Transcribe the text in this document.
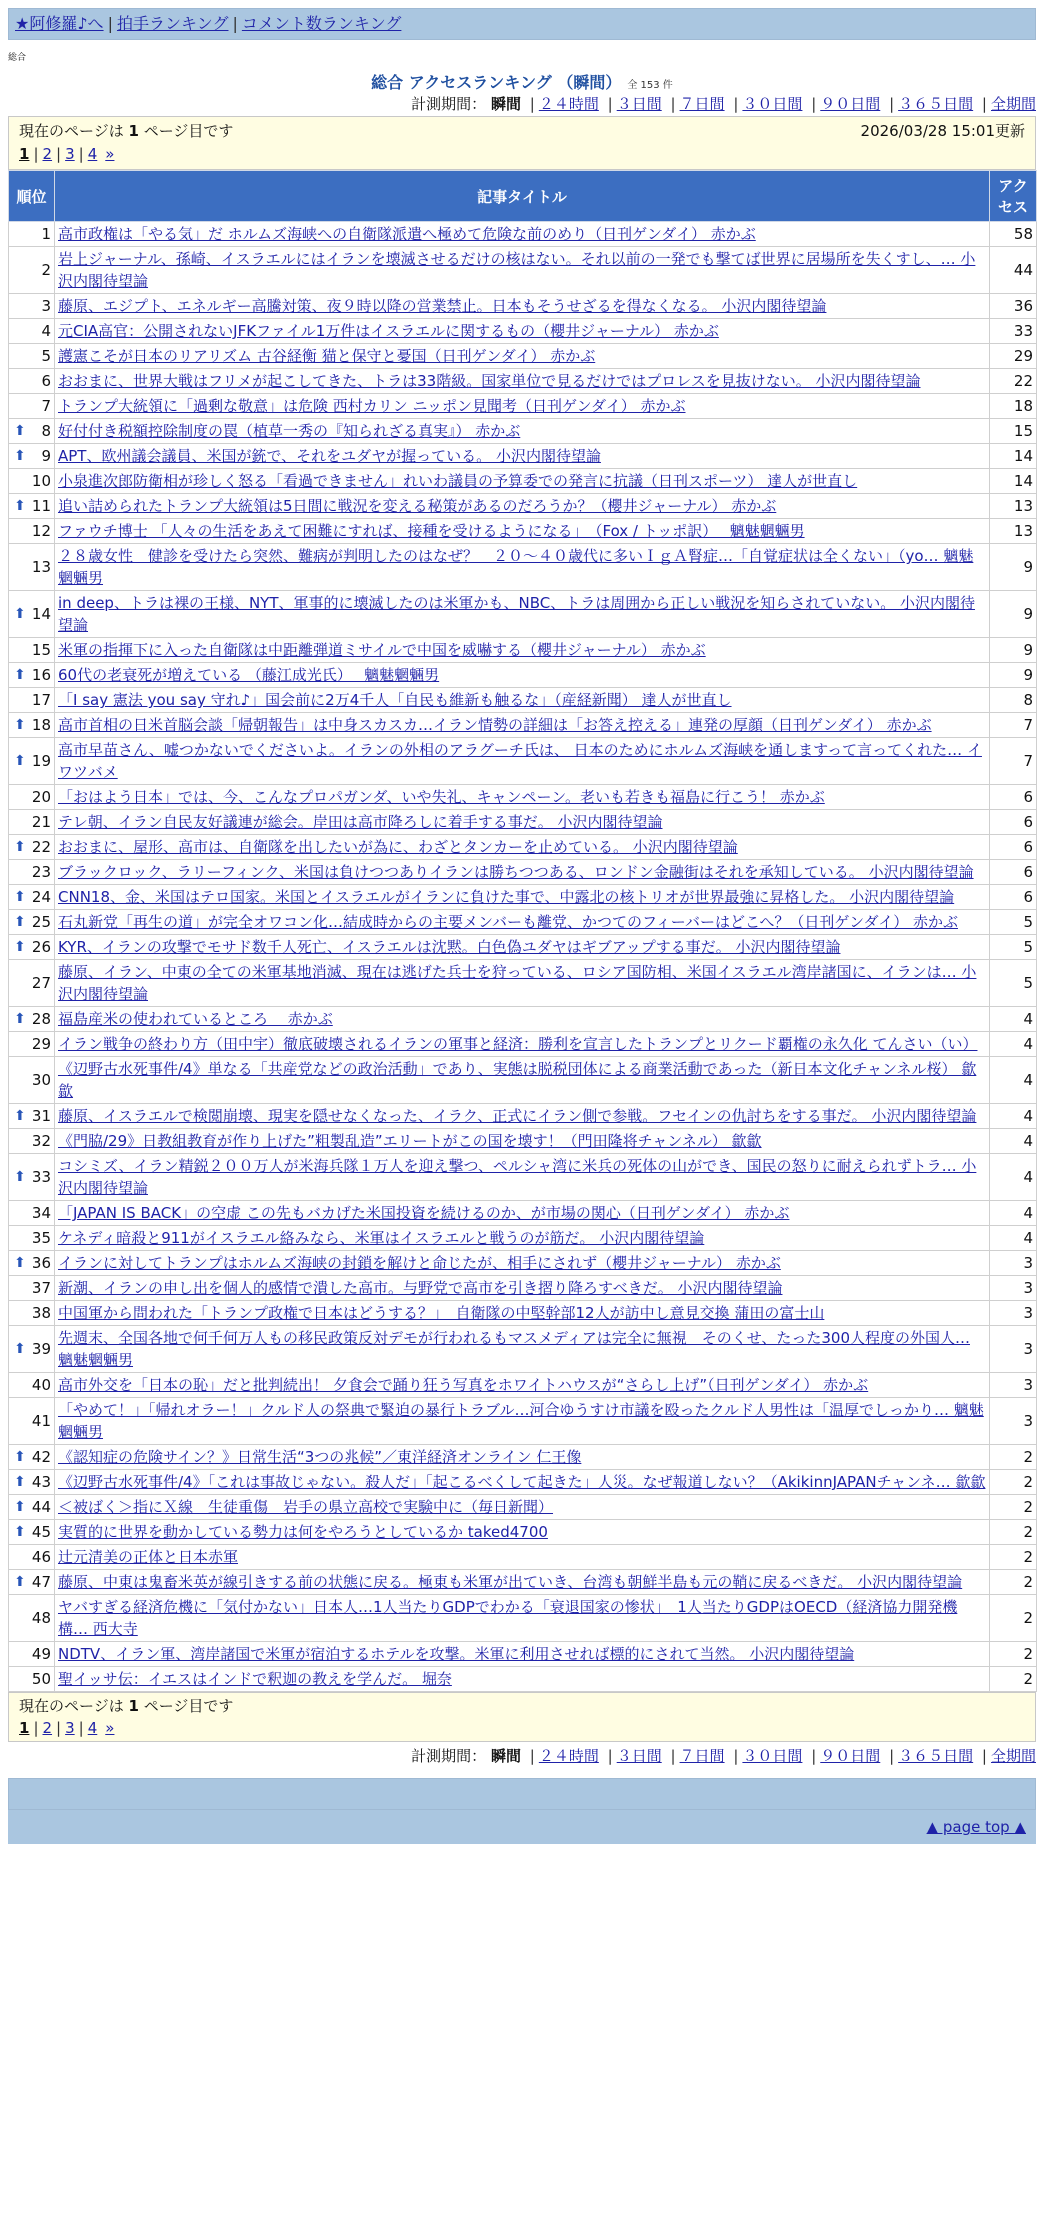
★阿修羅♪へ | 拍手ランキング | コメント数ランキング
総合
総合 アクセスランキング （瞬間） 全 153 件
計測期間： 瞬間 | ２４時間 | ３日間 | ７日間 | ３０日間 | ９０日間 | ３６５日間 | 全期間
現在のページは 1 ページ目です	2026/03/28 15:01更新
1 | 2 | 3 | 4 »
順位	記事タイトル	アクセス
1	高市政権は「やる気」だ ホルムズ海峡への自衛隊派遣へ極めて危険な前のめり（日刊ゲンダイ） 赤かぶ	58
2	岩上ジャーナル、孫崎、イスラエルにはイランを壊滅させるだけの核はない。それ以前の一発でも撃てば世界に居場所を失くすし、… 小沢内閣待望論	44
3	藤原、エジプト、エネルギー高騰対策、夜９時以降の営業禁止。日本もそうせざるを得なくなる。 小沢内閣待望論	36
4	元CIA高官：公開されないJFKファイル1万件はイスラエルに関するもの（櫻井ジャーナル） 赤かぶ	33
5	護憲こそが日本のリアリズム 古谷経衡 猫と保守と憂国（日刊ゲンダイ） 赤かぶ	29
6	おおまに、世界大戦はフリメが起こしてきた、トラは33階級。国家単位で見るだけではプロレスを見抜けない。 小沢内閣待望論	22
7	トランプ大統領に「過剰な敬意」は危険 西村カリン ニッポン見聞考（日刊ゲンダイ） 赤かぶ	18

⬆ 8	好付付き税額控除制度の罠（植草一秀の『知られざる真実』） 赤かぶ	15

⬆ 9	APT、欧州議会議員、米国が銃で、それをユダヤが握っている。 小沢内閣待望論	14
10	小泉進次郎防衛相が珍しく怒る「看過できません」れいわ議員の予算委での発言に抗議（日刊スポーツ） 達人が世直し	14

⬆ 11	追い詰められたトランプ大統領は5日間に戦況を変える秘策があるのだろうか？（櫻井ジャーナル） 赤かぶ	13
12	ファウチ博士 「人々の生活をあえて困難にすれば、接種を受けるようになる」　（Fox / トッポ訳）　 魑魅魍魎男	13
13	２８歳女性　健診を受けたら突然、難病が判明したのはなぜ？　２０～４０歳代に多いＩｇＡ腎症…「自覚症状は全くない」（yo… 魑魅魍魎男	9

⬆ 14	in deep、トラは裸の王様、NYT、軍事的に壊滅したのは米軍かも、NBC、トラは周囲から正しい戦況を知らされていない。 小沢内閣待望論	9
15	米軍の指揮下に入った自衛隊は中距離弾道ミサイルで中国を威嚇する（櫻井ジャーナル） 赤かぶ	9

⬆ 16	60代の老衰死が増えている （藤江成光氏）　 魑魅魍魎男	9
17	「I say 憲法 you say 守れ♪」国会前に2万4千人「自民も維新も触るな」（産経新聞） 達人が世直し	8

⬆ 18	高市首相の日米首脳会談「帰朝報告」は中身スカスカ…イラン情勢の詳細は「お答え控える」連発の厚顔（日刊ゲンダイ） 赤かぶ	7

⬆ 19	高市早苗さん、嘘つかないでくださいよ。イランの外相のアラグーチ氏は、 日本のためにホルムズ海峡を通しますって言ってくれた… イワツバメ	7
20	「おはよう日本」では、今、こんなプロパガンダ、いや失礼、キャンペーン。老いも若きも福島に行こう！ 赤かぶ	6
21	テレ朝、イラン自民友好議連が総会。岸田は高市降ろしに着手する事だ。 小沢内閣待望論	6

⬆ 22	おおまに、屋形、高市は、自衛隊を出したいが為に、わざとタンカーを止めている。 小沢内閣待望論	6
23	ブラックロック、ラリーフィンク、米国は負けつつありイランは勝ちつつある、ロンドン金融街はそれを承知している。 小沢内閣待望論	6

⬆ 24	CNN18、金、米国はテロ国家。米国とイスラエルがイランに負けた事で、中露北の核トリオが世界最強に昇格した。 小沢内閣待望論	6

⬆ 25	石丸新党「再生の道」が完全オワコン化…結成時からの主要メンバーも離党、かつてのフィーバーはどこへ？（日刊ゲンダイ） 赤かぶ	5

⬆ 26	KYR、イランの攻撃でモサド数千人死亡、イスラエルは沈黙。白色偽ユダヤはギブアップする事だ。 小沢内閣待望論	5
27	藤原、イラン、中東の全ての米軍基地消滅、現在は逃げた兵士を狩っている、ロシア国防相、米国イスラエル湾岸諸国に、イランは… 小沢内閣待望論	5

⬆ 28	福島産米の使われているところ　 赤かぶ	4
29	イラン戦争の終わり方（田中宇）徹底破壊されるイランの軍事と経済：勝利を宣言したトランプとリクード覇権の永久化 てんさい（い）	4
30	《辺野古水死事件/4》単なる「共産党などの政治活動」であり、実態は脱税団体による商業活動であった（新日本文化チャンネル桜） 歙歙	4

⬆ 31	藤原、イスラエルで検閲崩壊、現実を隠せなくなった、イラク、正式にイラン側で参戦。フセインの仇討ちをする事だ。 小沢内閣待望論	4
32	《門脇/29》日教組教育が作り上げた”粗製乱造”エリートがこの国を壊す！（門田隆将チャンネル） 歙歙	4

⬆ 33	コシミズ、イラン精鋭２００万人が米海兵隊１万人を迎え撃つ、ペルシャ湾に米兵の死体の山ができ、国民の怒りに耐えられずトラ… 小沢内閣待望論	4
34	「JAPAN IS BACK」の空虚 この先もバカげた米国投資を続けるのか、が市場の関心（日刊ゲンダイ） 赤かぶ	4
35	ケネディ暗殺と911がイスラエル絡みなら、米軍はイスラエルと戦うのが筋だ。 小沢内閣待望論	4

⬆ 36	イランに対してトランプはホルムズ海峡の封鎖を解けと命じたが、相手にされず（櫻井ジャーナル） 赤かぶ	3
37	新潮、イランの申し出を個人的感情で潰した高市。与野党で高市を引き摺り降ろすべきだ。 小沢内閣待望論	3
38	中国軍から問われた「トランプ政権で日本はどうする？」　自衛隊の中堅幹部12人が訪中し意見交換 蒲田の富士山	3

⬆ 39	先週末、全国各地で何千何万人もの移民政策反対デモが行われるもマスメディアは完全に無視　そのくせ、たった300人程度の外国人… 魑魅魍魎男	3
40	高市外交を「日本の恥」だと批判続出！ 夕食会で踊り狂う写真をホワイトハウスが“さらし上げ”（日刊ゲンダイ） 赤かぶ	3
41	「やめて！」「帰れオラー！」クルド人の祭典で緊迫の暴行トラブル…河合ゆうすけ市議を殴ったクルド人男性は「温厚でしっかり… 魑魅魍魎男	3

⬆ 42	《認知症の危険サイン？》日常生活“3つの兆候”／東洋経済オンライン 仁王像	2

⬆ 43	《辺野古水死事件/4》「これは事故じゃない。殺人だ」「起こるべくして起きた」人災。なぜ報道しない？（AkikinnJAPANチャンネ… 歙歙	2

⬆ 44	＜被ばく＞指にＸ線　生徒重傷　岩手の県立高校で実験中に（毎日新聞）	2

⬆ 45	実質的に世界を動かしている勢力は何をやろうとしているか taked4700	2
46	辻元清美の正体と日本赤軍	2

⬆ 47	藤原、中東は鬼畜米英が線引きする前の状態に戻る。極東も米軍が出ていき、台湾も朝鮮半島も元の鞘に戻るべきだ。 小沢内閣待望論	2
48	ヤバすぎる経済危機に「気付かない」日本人…1人当たりGDPでわかる「衰退国家の惨状」　1人当たりGDPはOECD（経済協力開発機構… 西大寺	2
49	NDTV、イラン軍、湾岸諸国で米軍が宿泊するホテルを攻撃。米軍に利用させれば標的にされて当然。 小沢内閣待望論	2
50	聖イッサ伝：イエスはインドで釈迦の教えを学んだ。 堀奈	2
現在のページは 1 ページ目です
1 | 2 | 3 | 4 »
計測期間： 瞬間 | ２４時間 | ３日間 | ７日間 | ３０日間 | ９０日間 | ３６５日間 | 全期間
▲ page top ▲
